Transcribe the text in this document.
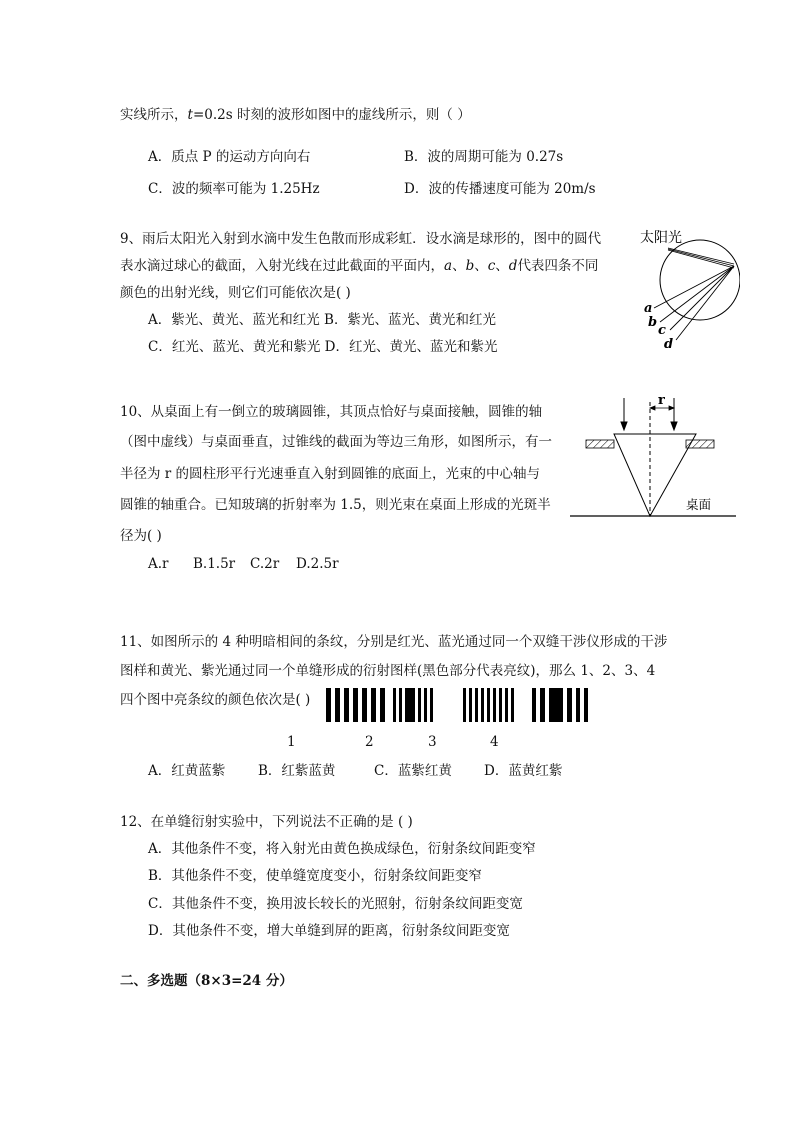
实线所示，t=0.2s 时刻的波形如图中的虚线所示，则（ ）
A．质点 P 的运动方向向右	B．波的周期可能为 0.27s
C．波的频率可能为 1.25Hz	D．波的传播速度可能为 20m/s
9、雨后太阳光入射到水滴中发生色散而形成彩虹．设水滴是球形的，图中的圆代
表水滴过球心的截面，入射光线在过此截面的平面内，a、b、c、d代表四条不同
颜色的出射光线，则它们可能依次是( )
A．紫光、黄光、蓝光和红光 B．紫光、蓝光、黄光和红光
C．红光、蓝光、黄光和紫光 D．红光、黄光、蓝光和紫光
太阳光
a
b
c
d
10、从桌面上有一倒立的玻璃圆锥，其顶点恰好与桌面接触，圆锥的轴
（图中虚线）与桌面垂直，过锥线的截面为等边三角形，如图所示，有一
半径为 r 的圆柱形平行光速垂直入射到圆锥的底面上，光束的中心轴与
圆锥的轴重合。已知玻璃的折射率为 1.5，则光束在桌面上形成的光斑半
径为( )
A.r B.1.5r C.2r D.2.5r
r
桌面
11、如图所示的 4 种明暗相间的条纹，分别是红光、蓝光通过同一个双缝干涉仪形成的干涉
图样和黄光、紫光通过同一个单缝形成的衍射图样(黑色部分代表亮纹)，那么 1、2、3、4
四个图中亮条纹的颜色依次是( )
1	2	3	4
A．红黄蓝紫 B．红紫蓝黄	C．蓝紫红黄 D．蓝黄红紫
12、在单缝衍射实验中，下列说法不正确的是 ( )
A．其他条件不变，将入射光由黄色换成绿色，衍射条纹间距变窄
B．其他条件不变，使单缝宽度变小，衍射条纹间距变窄
C．其他条件不变，换用波长较长的光照射，衍射条纹间距变宽
D．其他条件不变，增大单缝到屏的距离，衍射条纹间距变宽
二、多选题（8×3=24 分）
